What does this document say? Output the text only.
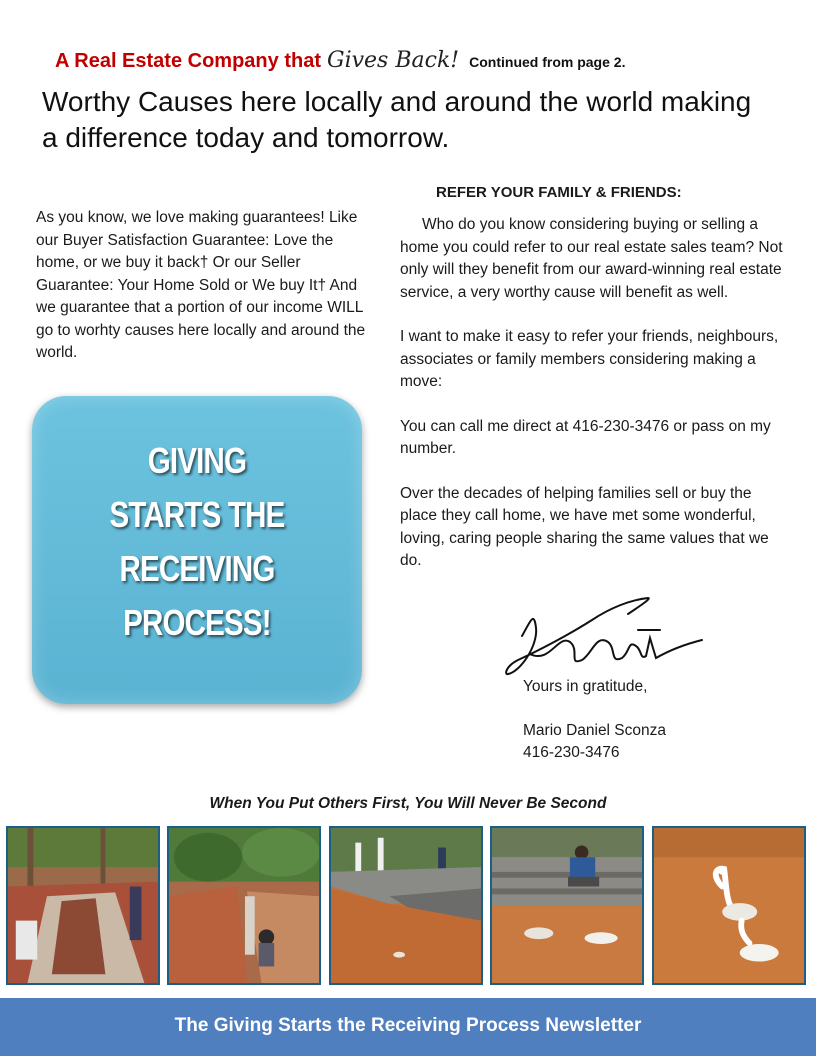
A Real Estate Company that Gives Back! Continued from page 2.
Worthy Causes here locally and around the world making a difference today and tomorrow.
As you know, we love making guarantees! Like our Buyer Satisfaction Guarantee: Love the home, or we buy it back† Or our Seller Guarantee: Your Home Sold or We buy It† And we guarantee that a portion of our income WILL go to worhty causes here locally and around the world.
GIVING
STARTS THE
RECEIVING
PROCESS!
REFER YOUR FAMILY & FRIENDS:

Who do you know considering buying or selling a home you could refer to our real estate sales team? Not only will they benefit from our award-winning real estate service, a very worthy cause will benefit as well.

I want to make it easy to refer your friends, neighbours, associates or family members considering making a move:

You can call me direct at 416-230-3476 or pass on my number.

Over the decades of helping families sell or buy the place they call home, we have met some wonderful, loving, caring people sharing the same values that we do.

Yours in gratitude,
Mario Daniel Sconza
416-230-3476
When You Put Others First, You Will Never Be Second
The Giving Starts the Receiving Process Newsletter
